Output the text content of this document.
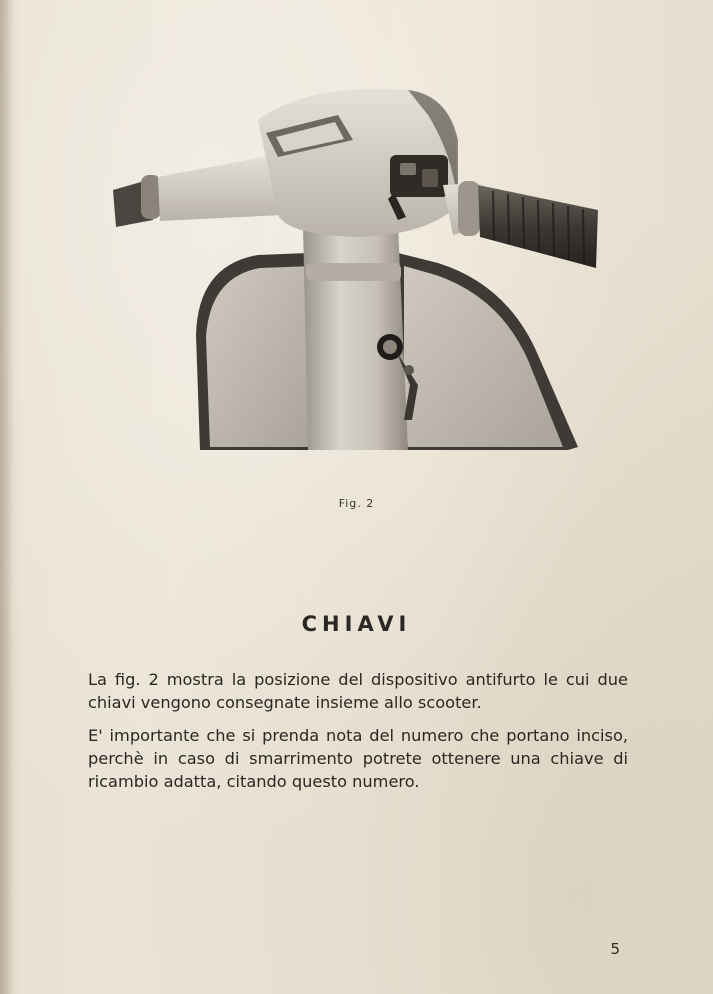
Fig. 2
CHIAVI

La fig. 2 mostra la posizione del dispositivo antifurto le cui due chiavi vengono consegnate insieme allo scooter.

E' importante che si prenda nota del numero che portano inciso, perchè in caso di smarrimento potrete ottenere una chiave di ricambio adatta, citando questo numero.

5
